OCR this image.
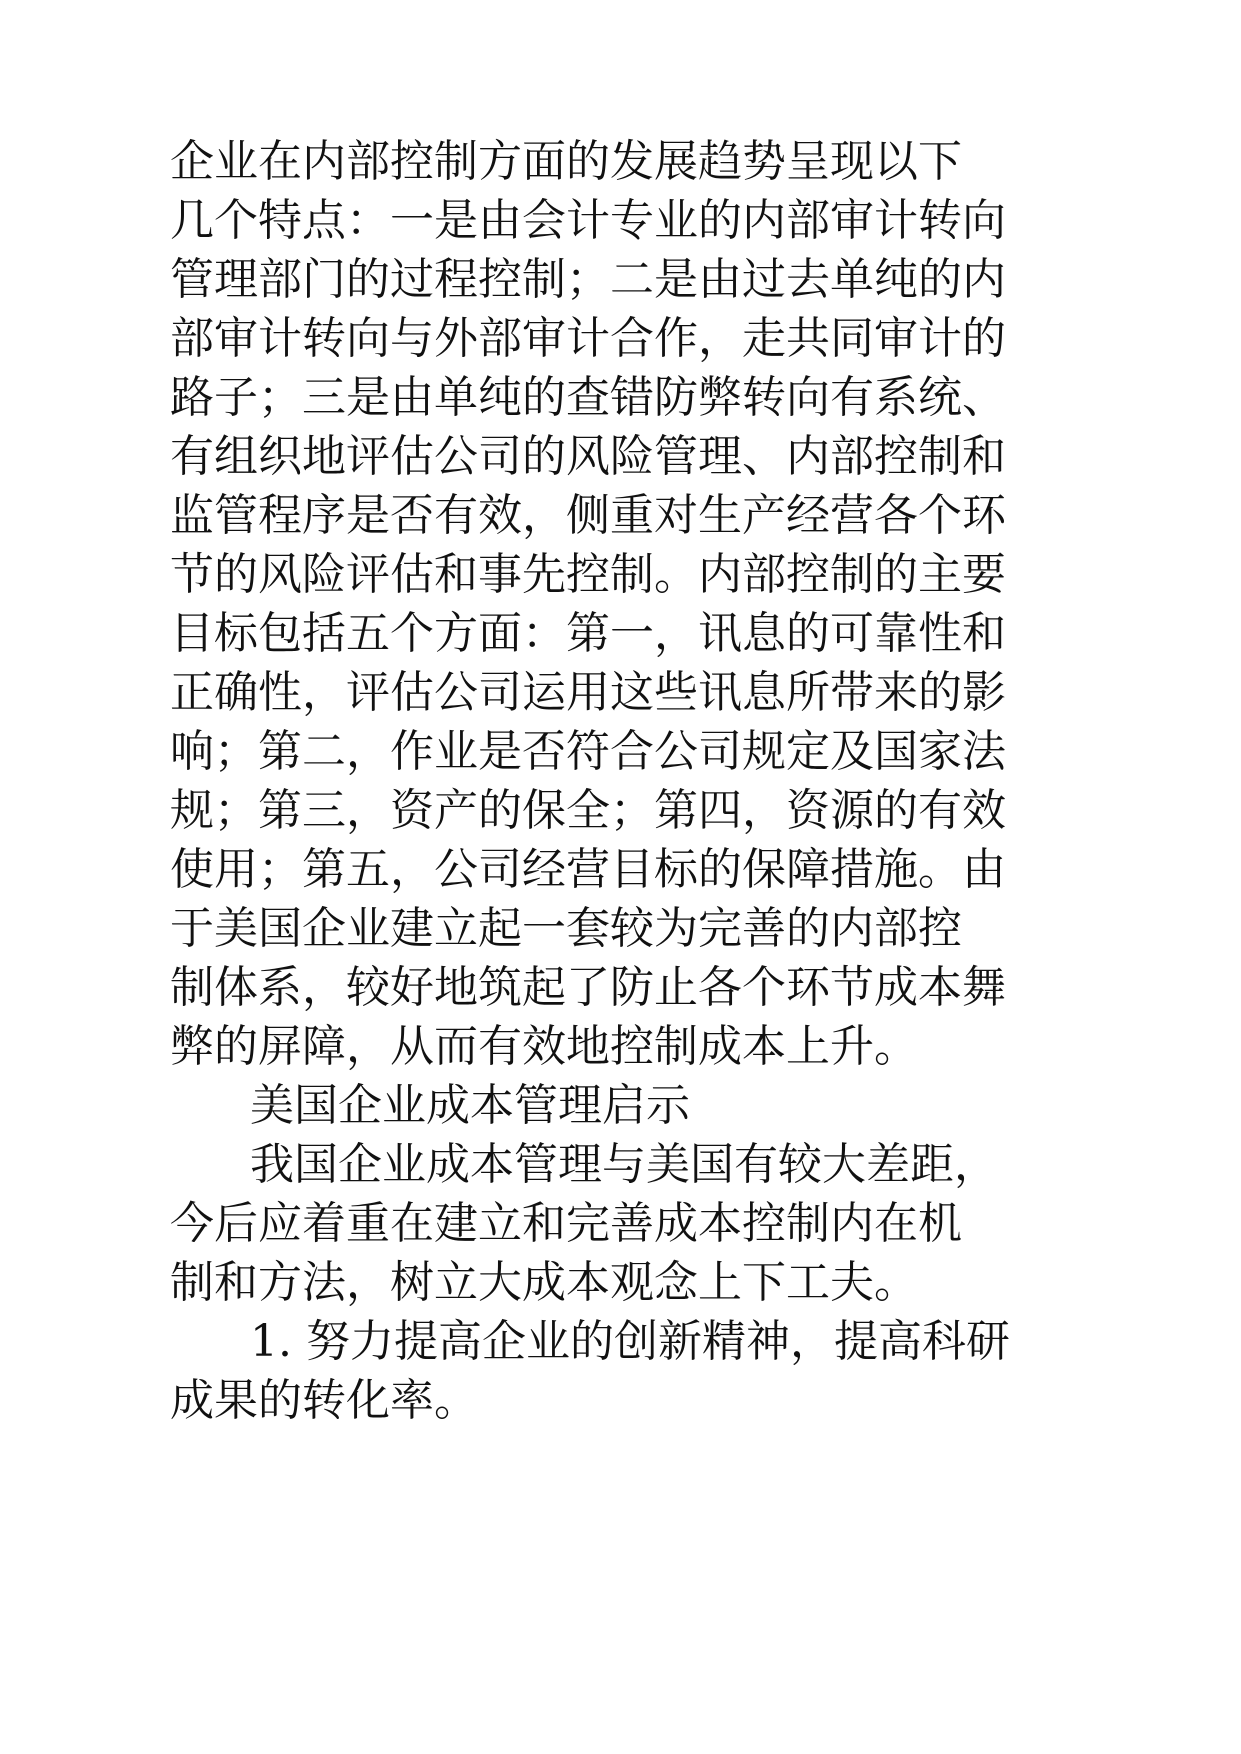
企业在内部控制方面的发展趋势呈现以下
几个特点：一是由会计专业的内部审计转向
管理部门的过程控制；二是由过去单纯的内
部审计转向与外部审计合作，走共同审计的
路子；三是由单纯的查错防弊转向有系统、
有组织地评估公司的风险管理、内部控制和
监管程序是否有效，侧重对生产经营各个环
节的风险评估和事先控制。内部控制的主要
目标包括五个方面：第一，讯息的可靠性和
正确性，评估公司运用这些讯息所带来的影
响；第二，作业是否符合公司规定及国家法
规；第三，资产的保全；第四，资源的有效
使用；第五，公司经营目标的保障措施。由
于美国企业建立起一套较为完善的内部控
制体系，较好地筑起了防止各个环节成本舞
弊的屏障，从而有效地控制成本上升。
美国企业成本管理启示
我国企业成本管理与美国有较大差距，
今后应着重在建立和完善成本控制内在机
制和方法，树立大成本观念上下工夫。
1. 努力提高企业的创新精神，提高科研
成果的转化率。
